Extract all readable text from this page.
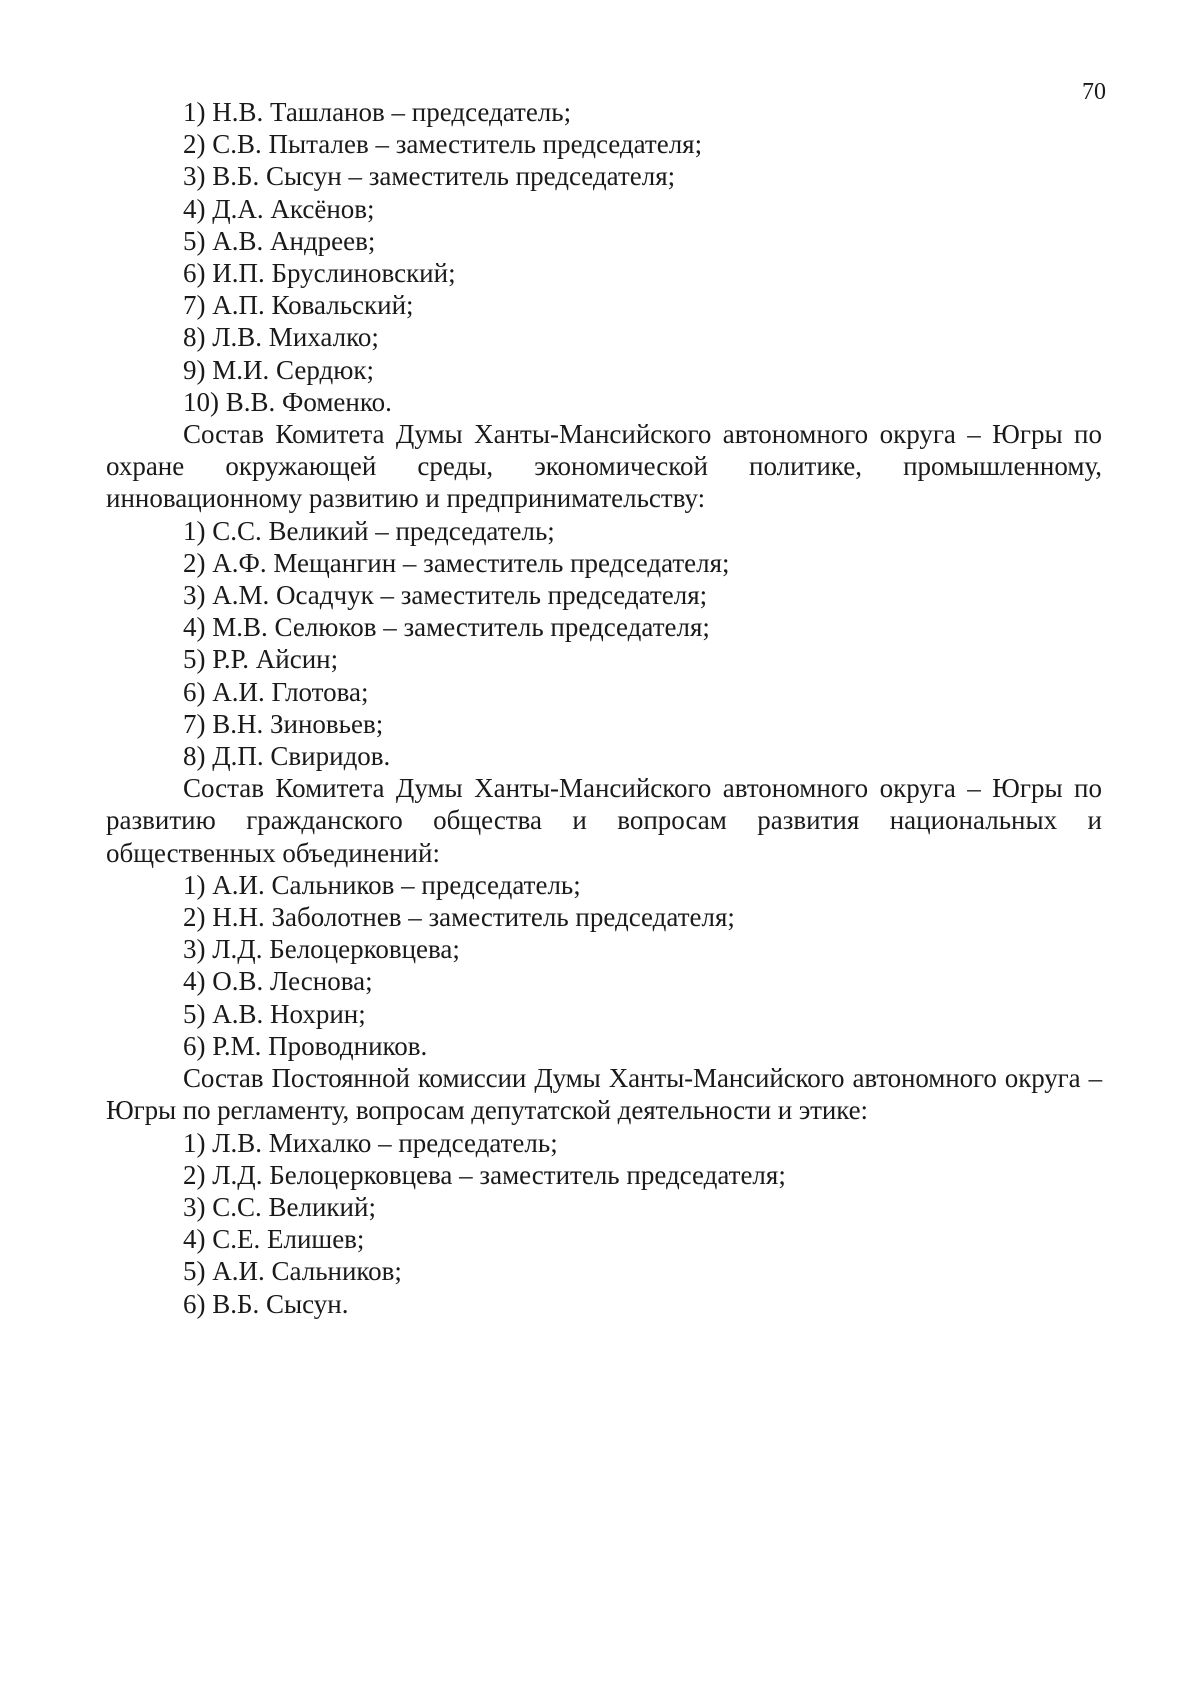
70
1) Н.В. Ташланов – председатель;
2) С.В. Пыталев – заместитель председателя;
3) В.Б. Сысун – заместитель председателя;
4) Д.А. Аксёнов;
5) А.В. Андреев;
6) И.П. Бруслиновский;
7) А.П. Ковальский;
8) Л.В. Михалко;
9) М.И. Сердюк;
10) В.В. Фоменко.
Состав Комитета Думы Ханты-Мансийского автономного округа – Югры по охране окружающей среды, экономической политике, промышленному, инновационному развитию и предпринимательству:
1) С.С. Великий – председатель;
2) А.Ф. Мещангин – заместитель председателя;
3) А.М. Осадчук – заместитель председателя;
4) М.В. Селюков – заместитель председателя;
5) Р.Р. Айсин;
6) А.И. Глотова;
7) В.Н. Зиновьев;
8) Д.П. Свиридов.
Состав Комитета Думы Ханты-Мансийского автономного округа – Югры по развитию гражданского общества и вопросам развития национальных и общественных объединений:
1) А.И. Сальников – председатель;
2) Н.Н. Заболотнев – заместитель председателя;
3) Л.Д. Белоцерковцева;
4) О.В. Леснова;
5) А.В. Нохрин;
6) Р.М. Проводников.
Состав Постоянной комиссии Думы Ханты-Мансийского автономного округа – Югры по регламенту, вопросам депутатской деятельности и этике:
1) Л.В. Михалко – председатель;
2) Л.Д. Белоцерковцева – заместитель председателя;
3) С.С. Великий;
4) С.Е. Елишев;
5) А.И. Сальников;
6) В.Б. Сысун.
